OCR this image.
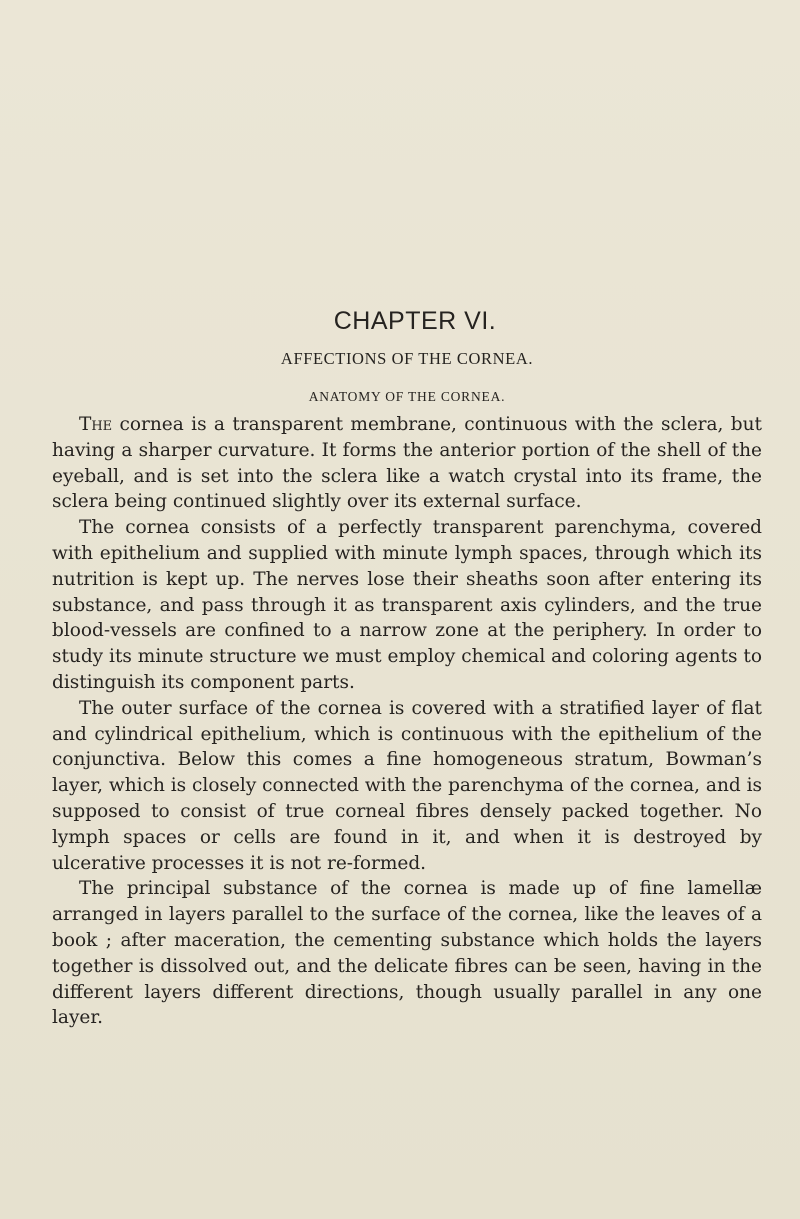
CHAPTER VI.
AFFECTIONS OF THE CORNEA.
ANATOMY OF THE CORNEA.

The cornea is a transparent membrane, continuous with the sclera, but having a sharper curvature. It forms the anterior portion of the shell of the eyeball, and is set into the sclera like a watch crystal into its frame, the sclera being continued slightly over its external surface.

The cornea consists of a perfectly transparent parenchyma, covered with epithelium and supplied with minute lymph spaces, through which its nutrition is kept up. The nerves lose their sheaths soon after entering its substance, and pass through it as transparent axis cylinders, and the true blood-vessels are confined to a narrow zone at the periphery. In order to study its minute structure we must employ chemical and coloring agents to distinguish its component parts.

The outer surface of the cornea is covered with a stratified layer of flat and cylindrical epithelium, which is continuous with the epithelium of the conjunctiva. Below this comes a fine homogeneous stratum, Bowman’s layer, which is closely connected with the parenchyma of the cornea, and is supposed to consist of true corneal fibres densely packed together. No lymph spaces or cells are found in it, and when it is destroyed by ulcerative processes it is not re-formed.

The principal substance of the cornea is made up of fine lamellæ arranged in layers parallel to the surface of the cornea, like the leaves of a book ; after maceration, the cementing substance which holds the layers together is dissolved out, and the delicate fibres can be seen, having in the different layers different directions, though usually parallel in any one layer.
